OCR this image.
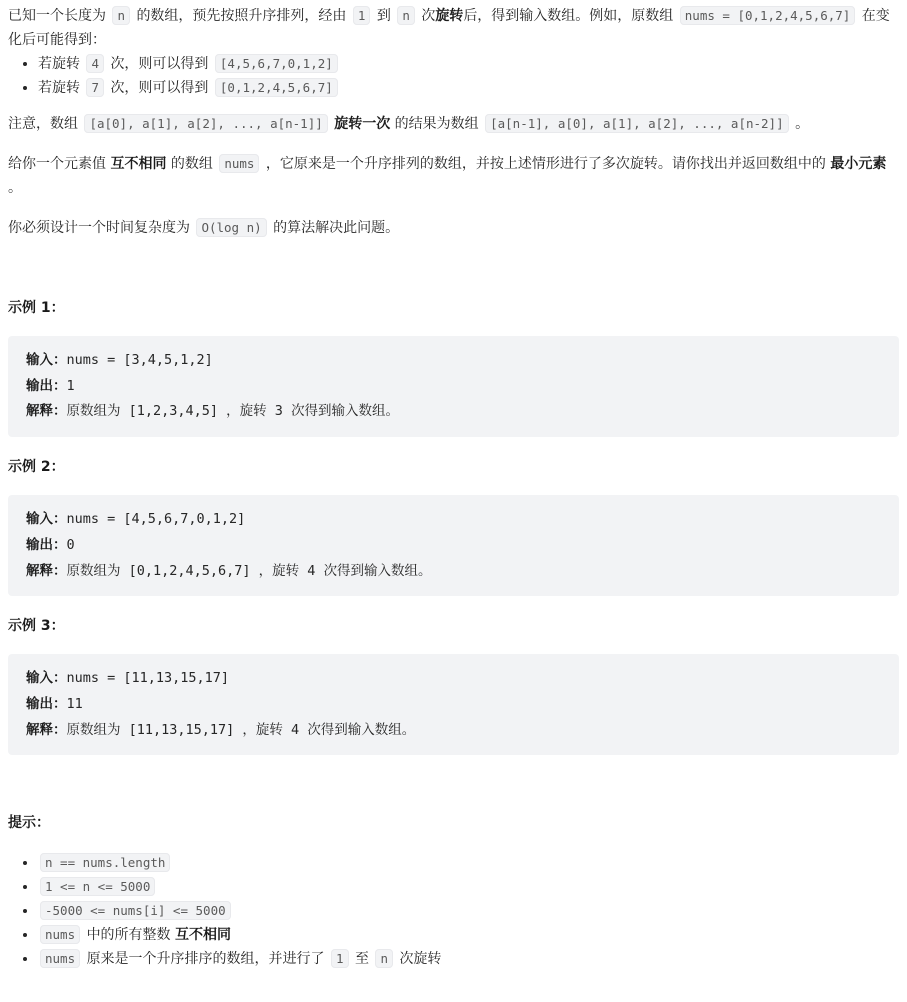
已知一个长度为 n 的数组，预先按照升序排列，经由 1 到 n 次旋转后，得到输入数组。例如，原数组 nums = [0,1,2,4,5,6,7] 在变化后可能得到：

• 若旋转 4 次，则可以得到 [4,5,6,7,0,1,2]
• 若旋转 7 次，则可以得到 [0,1,2,4,5,6,7]

注意，数组 [a[0], a[1], a[2], ..., a[n-1]] 旋转一次 的结果为数组 [a[n-1], a[0], a[1], a[2], ..., a[n-2]] 。

给你一个元素值 互不相同 的数组 nums ，它原来是一个升序排列的数组，并按上述情形进行了多次旋转。请你找出并返回数组中的 最小元素 。

你必须设计一个时间复杂度为 O(log n) 的算法解决此问题。

示例 1：

输入：nums = [3,4,5,1,2]
输出：1
解释：原数组为 [1,2,3,4,5] ，旋转 3 次得到输入数组。

示例 2：

输入：nums = [4,5,6,7,0,1,2]
输出：0
解释：原数组为 [0,1,2,4,5,6,7] ，旋转 4 次得到输入数组。

示例 3：

输入：nums = [11,13,15,17]
输出：11
解释：原数组为 [11,13,15,17] ，旋转 4 次得到输入数组。

提示：

• n == nums.length
• 1 <= n <= 5000
• -5000 <= nums[i] <= 5000
• nums 中的所有整数 互不相同
• nums 原来是一个升序排序的数组，并进行了 1 至 n 次旋转
